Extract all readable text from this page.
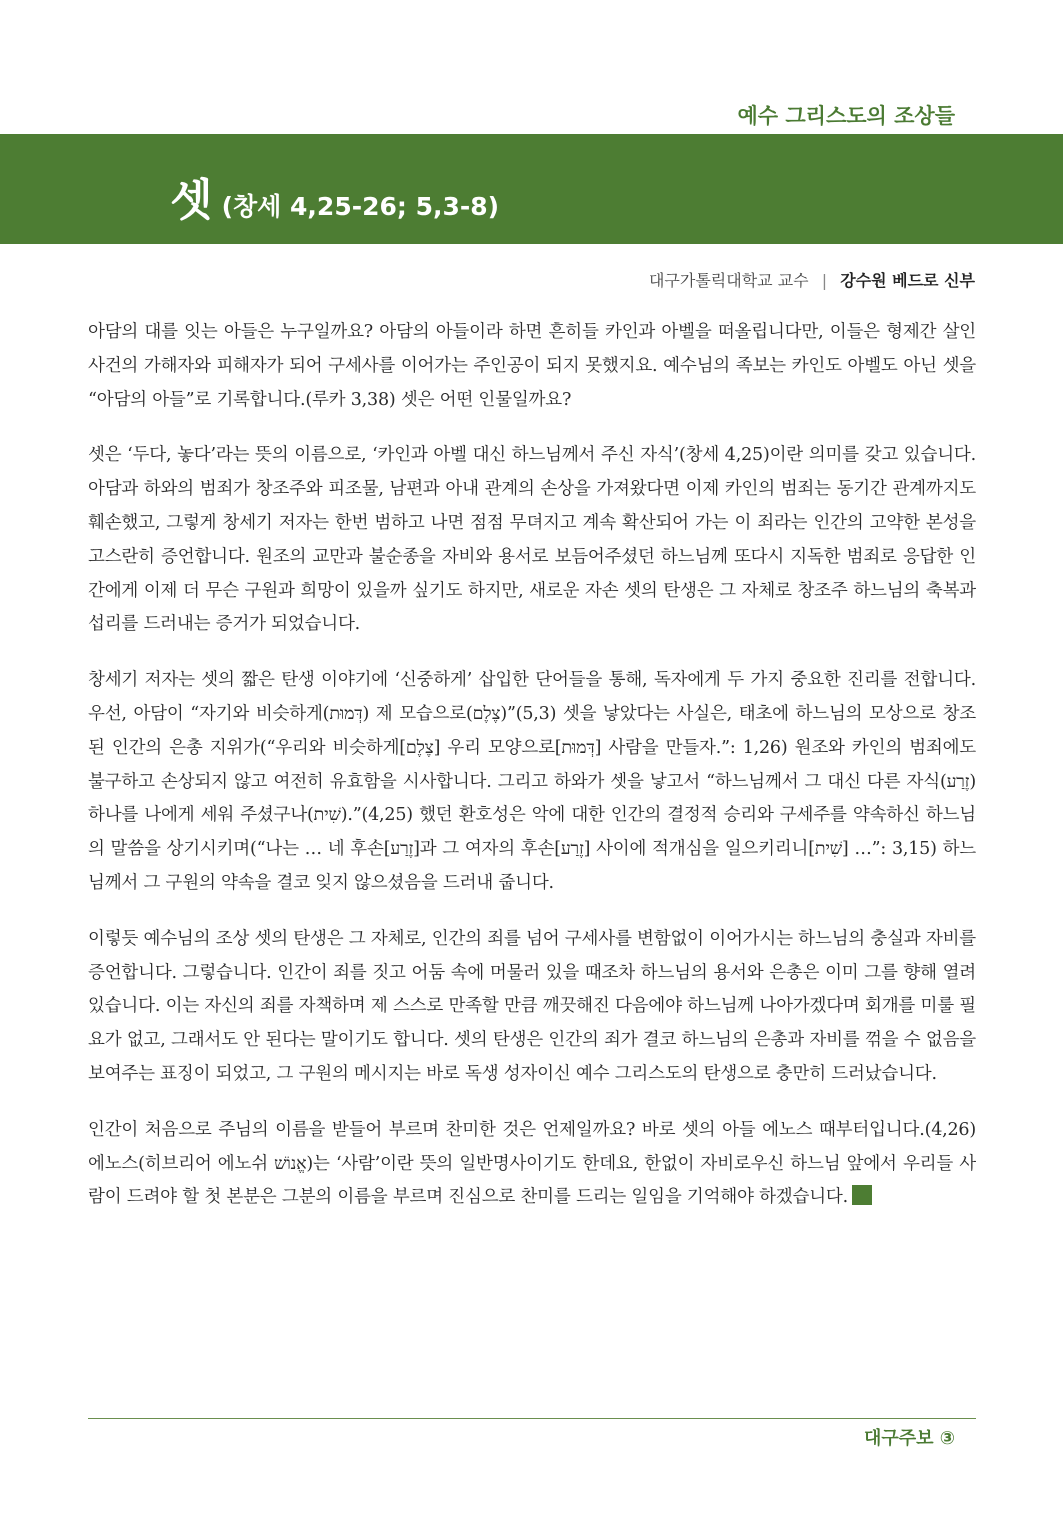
예수 그리스도의 조상들
셋 (창세 4,25-26; 5,3-8)
대구가톨릭대학교 교수 | 강수원 베드로 신부

아담의 대를 잇는 아들은 누구일까요? 아담의 아들이라 하면 흔히들 카인과 아벨을 떠올립니다만, 이들은 형제간 살인 사건의 가해자와 피해자가 되어 구세사를 이어가는 주인공이 되지 못했지요. 예수님의 족보는 카인도 아벨도 아닌 셋을 “아담의 아들”로 기록합니다.(루카 3,38) 셋은 어떤 인물일까요?

셋은 ‘두다, 놓다’라는 뜻의 이름으로, ‘카인과 아벨 대신 하느님께서 주신 자식’(창세 4,25)이란 의미를 갖고 있습니다. 아담과 하와의 범죄가 창조주와 피조물, 남편과 아내 관계의 손상을 가져왔다면 이제 카인의 범죄는 동기간 관계까지도 훼손했고, 그렇게 창세기 저자는 한번 범하고 나면 점점 무뎌지고 계속 확산되어 가는 이 죄라는 인간의 고약한 본성을 고스란히 증언합니다. 원조의 교만과 불순종을 자비와 용서로 보듬어주셨던 하느님께 또다시 지독한 범죄로 응답한 인간에게 이제 더 무슨 구원과 희망이 있을까 싶기도 하지만, 새로운 자손 셋의 탄생은 그 자체로 창조주 하느님의 축복과 섭리를 드러내는 증거가 되었습니다.

창세기 저자는 셋의 짧은 탄생 이야기에 ‘신중하게’ 삽입한 단어들을 통해, 독자에게 두 가지 중요한 진리를 전합니다. 우선, 아담이 “자기와 비슷하게(דְּמוּת) 제 모습으로(צֶלֶם)”(5,3) 셋을 낳았다는 사실은, 태초에 하느님의 모상으로 창조된 인간의 은총 지위가(“우리와 비슷하게[צֶלֶם] 우리 모양으로[דְּמוּת] 사람을 만들자.”: 1,26) 원조와 카인의 범죄에도 불구하고 손상되지 않고 여전히 유효함을 시사합니다. 그리고 하와가 셋을 낳고서 “하느님께서 그 대신 다른 자식(זֶרַע) 하나를 나에게 세워 주셨구나(שִׁית).”(4,25) 했던 환호성은 악에 대한 인간의 결정적 승리와 구세주를 약속하신 하느님의 말씀을 상기시키며(“나는 … 네 후손[זֶרַע]과 그 여자의 후손[זֶרַע] 사이에 적개심을 일으키리니[שִׁית] …”: 3,15) 하느님께서 그 구원의 약속을 결코 잊지 않으셨음을 드러내 줍니다.

이렇듯 예수님의 조상 셋의 탄생은 그 자체로, 인간의 죄를 넘어 구세사를 변함없이 이어가시는 하느님의 충실과 자비를 증언합니다. 그렇습니다. 인간이 죄를 짓고 어둠 속에 머물러 있을 때조차 하느님의 용서와 은총은 이미 그를 향해 열려 있습니다. 이는 자신의 죄를 자책하며 제 스스로 만족할 만큼 깨끗해진 다음에야 하느님께 나아가겠다며 회개를 미룰 필요가 없고, 그래서도 안 된다는 말이기도 합니다. 셋의 탄생은 인간의 죄가 결코 하느님의 은총과 자비를 꺾을 수 없음을 보여주는 표징이 되었고, 그 구원의 메시지는 바로 독생 성자이신 예수 그리스도의 탄생으로 충만히 드러났습니다.

인간이 처음으로 주님의 이름을 받들어 부르며 찬미한 것은 언제일까요? 바로 셋의 아들 에노스 때부터입니다.(4,26) 에노스(히브리어 에노쉬 אֱנוֹשׁ)는 ‘사람’이란 뜻의 일반명사이기도 한데요, 한없이 자비로우신 하느님 앞에서 우리들 사람이 드려야 할 첫 본분은 그분의 이름을 부르며 진심으로 찬미를 드리는 일임을 기억해야 하겠습니다.

대구주보 ③
